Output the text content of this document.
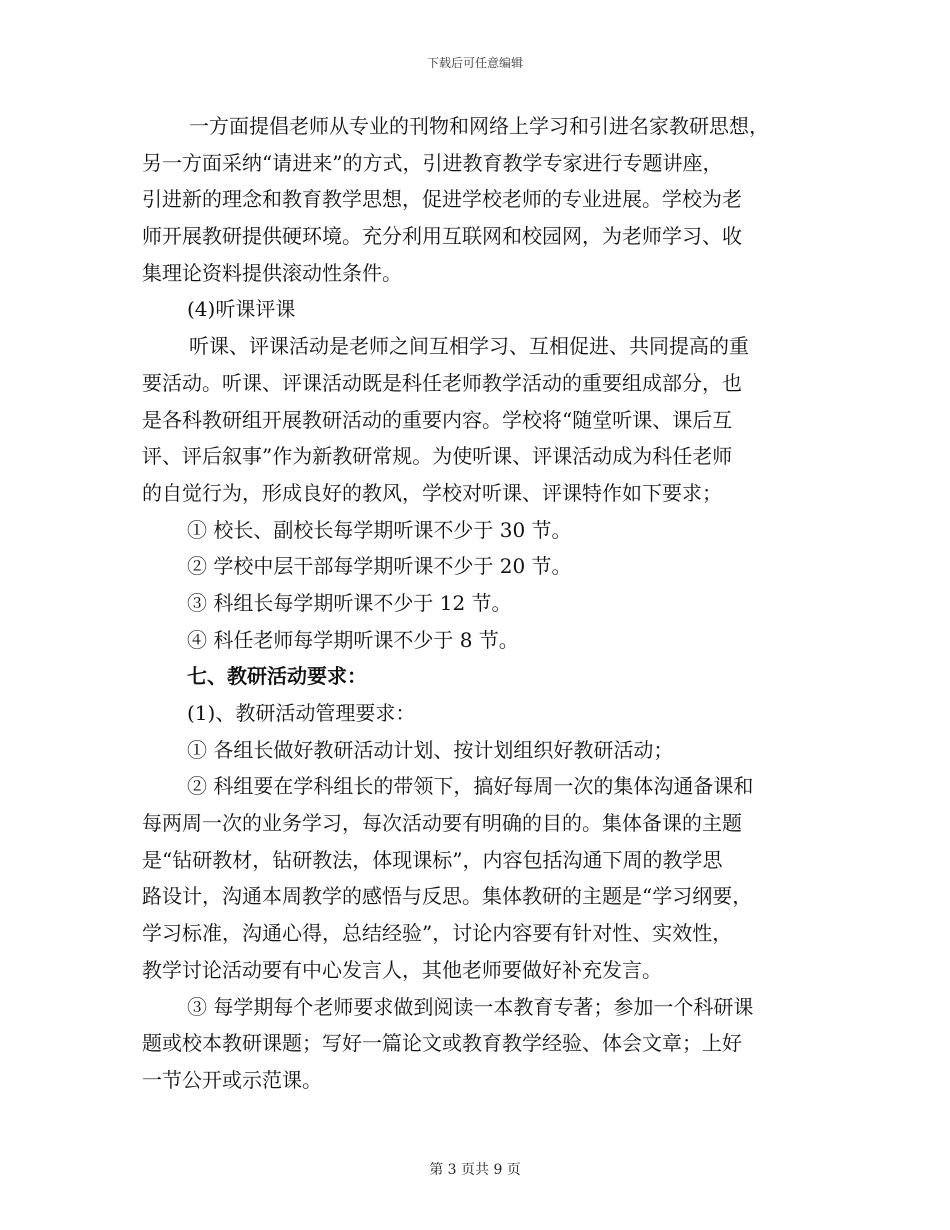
下载后可任意编辑
一方面提倡老师从专业的刊物和网络上学习和引进名家教研思想，
另一方面采纳“请进来”的方式，引进教育教学专家进行专题讲座，
引进新的理念和教育教学思想，促进学校老师的专业进展。学校为老
师开展教研提供硬环境。充分利用互联网和校园网，为老师学习、收
集理论资料提供滚动性条件。
(4)听课评课
听课、评课活动是老师之间互相学习、互相促进、共同提高的重
要活动。听课、评课活动既是科任老师教学活动的重要组成部分，也
是各科教研组开展教研活动的重要内容。学校将“随堂听课、课后互
评、评后叙事”作为新教研常规。为使听课、评课活动成为科任老师
的自觉行为，形成良好的教风，学校对听课、评课特作如下要求；
① 校长、副校长每学期听课不少于 30 节。
② 学校中层干部每学期听课不少于 20 节。
③ 科组长每学期听课不少于 12 节。
④ 科任老师每学期听课不少于 8 节。
七、教研活动要求：
(1)、教研活动管理要求：
① 各组长做好教研活动计划、按计划组织好教研活动；
② 科组要在学科组长的带领下，搞好每周一次的集体沟通备课和
每两周一次的业务学习，每次活动要有明确的目的。集体备课的主题
是“钻研教材，钻研教法，体现课标”，内容包括沟通下周的教学思
路设计，沟通本周教学的感悟与反思。集体教研的主题是“学习纲要，
学习标准，沟通心得，总结经验”，讨论内容要有针对性、实效性，
教学讨论活动要有中心发言人，其他老师要做好补充发言。
③ 每学期每个老师要求做到阅读一本教育专著；参加一个科研课
题或校本教研课题；写好一篇论文或教育教学经验、体会文章；上好
一节公开或示范课。
第 3 页共 9 页
